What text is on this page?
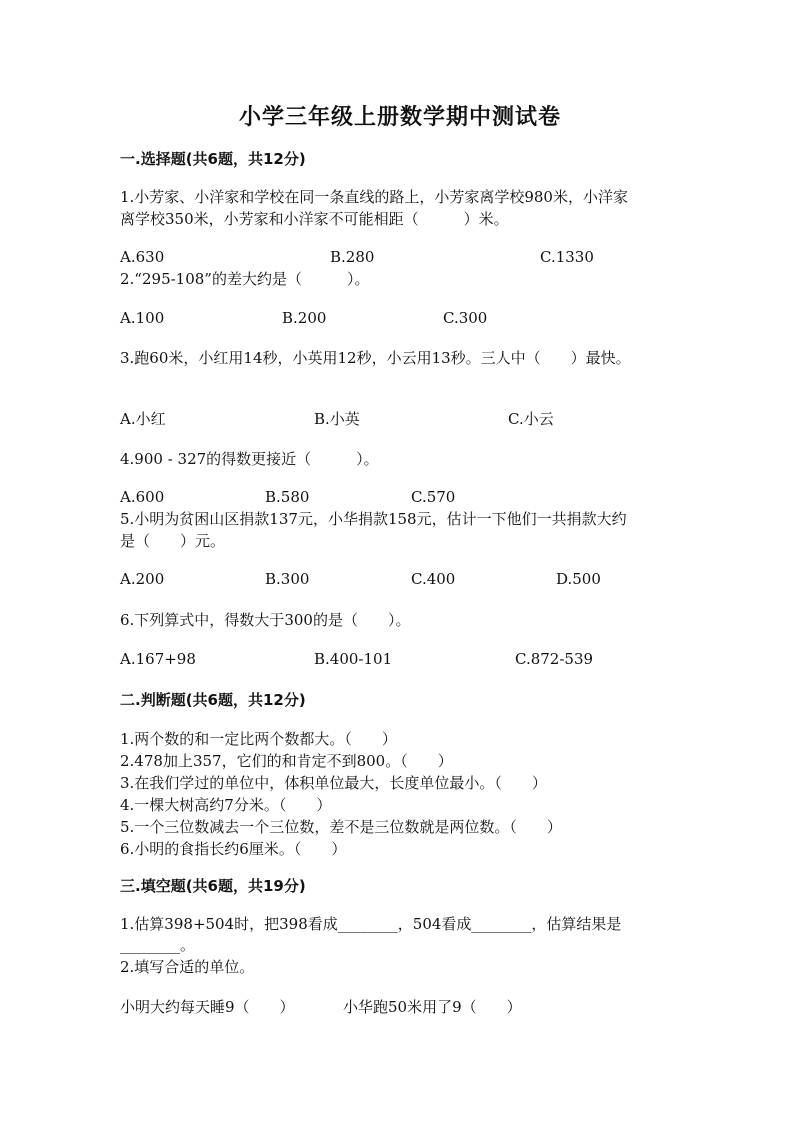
小学三年级上册数学期中测试卷
一.选择题(共6题，共12分)
1.小芳家、小洋家和学校在同一条直线的路上，小芳家离学校980米，小洋家
离学校350米，小芳家和小洋家不可能相距（　　　）米。
A.630	B.280	C.1330
2.“295-108”的差大约是（　　　）。
A.100	B.200	C.300
3.跑60米，小红用14秒，小英用12秒，小云用13秒。三人中（　　）最快。
A.小红	B.小英	C.小云
4.900 - 327的得数更接近（　　　）。
A.600	B.580	C.570
5.小明为贫困山区捐款137元，小华捐款158元，估计一下他们一共捐款大约
是（　　）元。
A.200	B.300	C.400	D.500
6.下列算式中，得数大于300的是（　　）。
A.167+98	B.400-101	C.872-539
二.判断题(共6题，共12分)
1.两个数的和一定比两个数都大。（　　）
2.478加上357，它们的和肯定不到800。（　　）
3.在我们学过的单位中，体积单位最大，长度单位最小。（　　）
4.一棵大树高约7分米。（　　）
5.一个三位数减去一个三位数，差不是三位数就是两位数。（　　）
6.小明的食指长约6厘米。（　　）
三.填空题(共6题，共19分)
1.估算398+504时，把398看成________，504看成________，估算结果是
________。
2.填写合适的单位。
小明大约每天睡9（　　）	小华跑50米用了9（　　）
